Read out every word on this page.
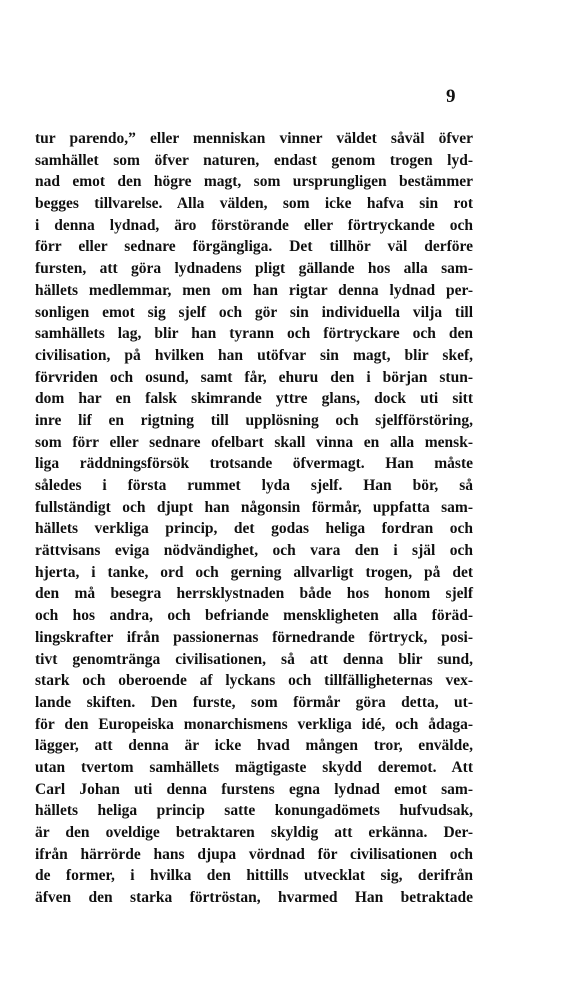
9
tur parendo,” eller menniskan vinner väldet såväl öfver
samhället som öfver naturen, endast genom trogen lyd-
nad emot den högre magt, som ursprungligen bestämmer
begges tillvarelse. Alla välden, som icke hafva sin rot
i denna lydnad, äro förstörande eller förtryckande och
förr eller sednare förgängliga. Det tillhör väl derföre
fursten, att göra lydnadens pligt gällande hos alla sam-
hällets medlemmar, men om han rigtar denna lydnad per-
sonligen emot sig sjelf och gör sin individuella vilja till
samhällets lag, blir han tyrann och förtryckare och den
civilisation, på hvilken han utöfvar sin magt, blir skef,
förvriden och osund, samt får, ehuru den i början stun-
dom har en falsk skimrande yttre glans, dock uti sitt
inre lif en rigtning till upplösning och sjelfförstöring,
som förr eller sednare ofelbart skall vinna en alla mensk-
liga räddningsförsök trotsande öfvermagt. Han måste
således i första rummet lyda sjelf. Han bör, så
fullständigt och djupt han någonsin förmår, uppfatta sam-
hällets verkliga princip, det godas heliga fordran och
rättvisans eviga nödvändighet, och vara den i själ och
hjerta, i tanke, ord och gerning allvarligt trogen, på det
den må besegra herrsklystnaden både hos honom sjelf
och hos andra, och befriande menskligheten alla föräd-
lingskrafter ifrån passionernas förnedrande förtryck, posi-
tivt genomtränga civilisationen, så att denna blir sund,
stark och oberoende af lyckans och tillfälligheternas vex-
lande skiften. Den furste, som förmår göra detta, ut-
för den Europeiska monarchismens verkliga idé, och ådaga-
lägger, att denna är icke hvad mången tror, envälde,
utan tvertom samhällets mägtigaste skydd deremot. Att
Carl Johan uti denna furstens egna lydnad emot sam-
hällets heliga princip satte konungadömets hufvudsak,
är den oveldige betraktaren skyldig att erkänna. Der-
ifrån härrörde hans djupa vördnad för civilisationen och
de former, i hvilka den hittills utvecklat sig, derifrån
äfven den starka förtröstan, hvarmed Han betraktade
